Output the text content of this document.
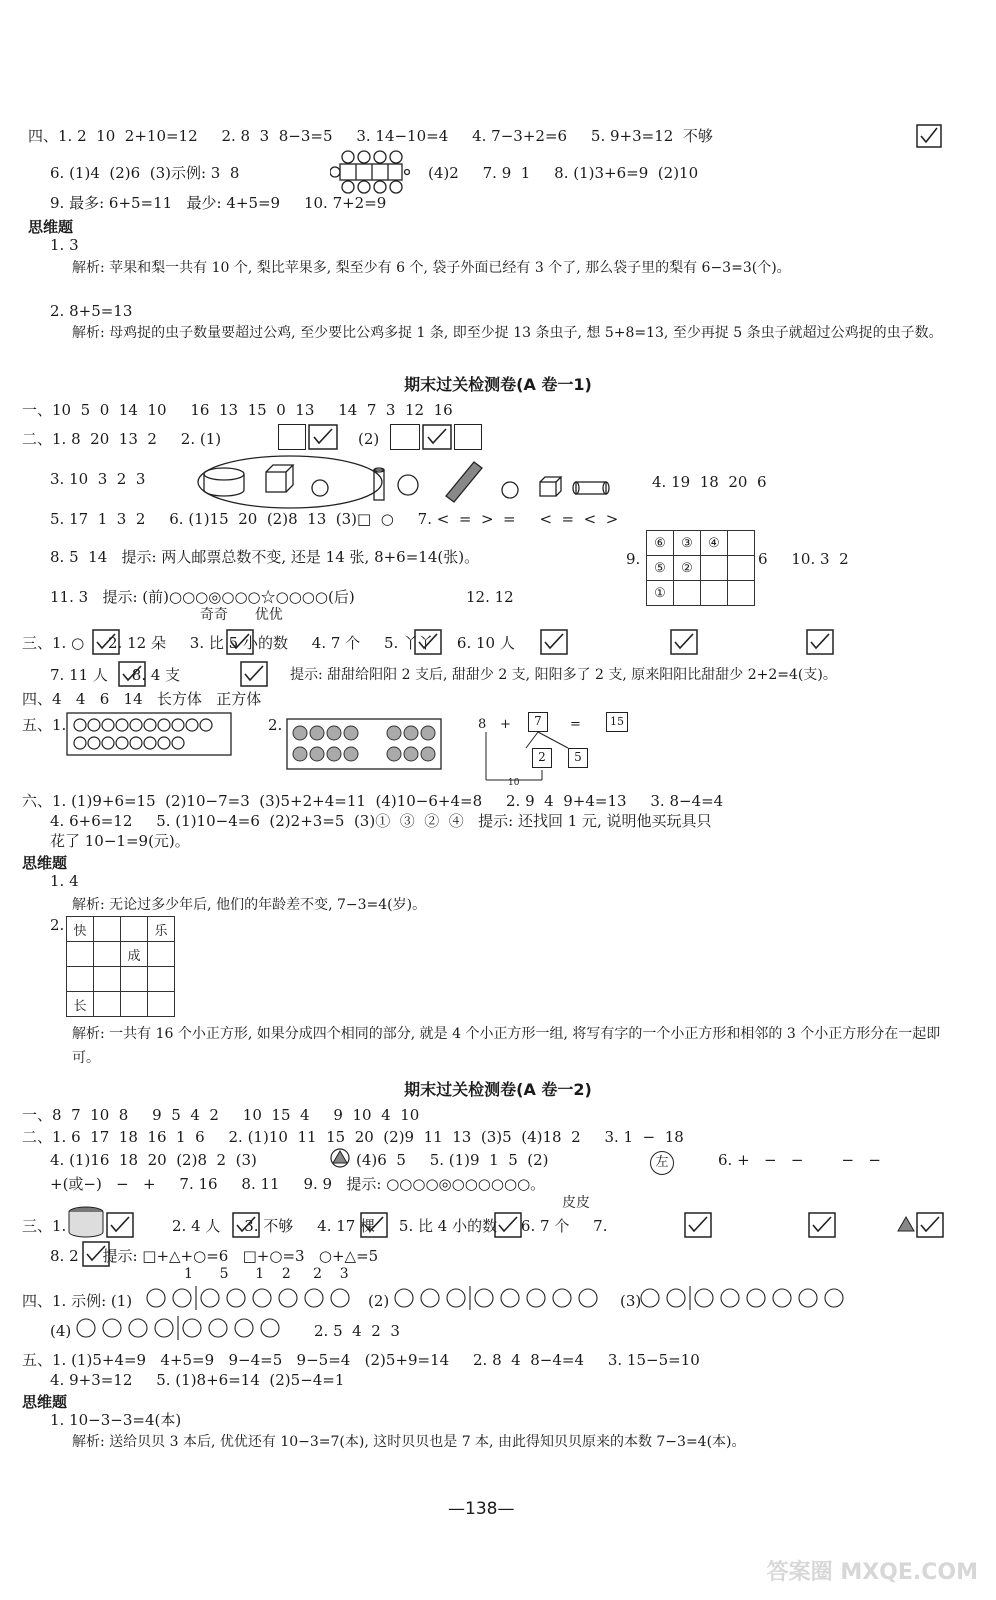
四、1. 2  10  2+10=12     2. 8  3  8−3=5     3. 14−10=4     4. 7−3+2=6     5. 9+3=12  不够
6. (1)4  (2)6  (3)示例: 3  8	(4)2     7. 9  1     8. (1)3+6=9  (2)10
9. 最多: 6+5=11   最少: 4+5=9     10. 7+2=9
思维题
1. 3
解析: 苹果和梨一共有 10 个, 梨比苹果多, 梨至少有 6 个, 袋子外面已经有 3 个了, 那么袋子里的梨有 6−3=3(个)。
2. 8+5=13
解析: 母鸡捉的虫子数量要超过公鸡, 至少要比公鸡多捉 1 条, 即至少捉 13 条虫子, 想 5+8=13, 至少再捉 5 条虫子就超过公鸡捉的虫子数。
期末过关检测卷(A 卷一1)
一、10  5  0  14  10     16  13  15  0  13     14  7  3  12  16
二、1. 8  20  13  2     2. (1)	(2)
3. 10  3  2  3	4. 19  18  20  6
5. 17  1  3  2     6. (1)15  20  (2)8  13  (3)□  ○     7. <  =  >  =     <  =  <  >
8. 5  14   提示: 两人邮票总数不变, 还是 14 张, 8+6=14(张)。	9.
⑥	③	④	
⑤	②		
①			
6     10. 3  2
11. 3   提示: (前)○○○◎○○○☆○○○○(后)	12. 12
奇奇      优优
三、1. ○     2. 12 朵     3. 比 5 小的数     4. 7 个     5. 丫丫     6. 10 人
7. 11 人     8. 4 支	提示: 甜甜给阳阳 2 支后, 甜甜少 2 支, 阳阳多了 2 支, 原来阳阳比甜甜少 2+2=4(支)。
四、4   4   6   14   长方体   正方体
五、1.	2.	8 +	7	=	15
2	5
10
六、1. (1)9+6=15  (2)10−7=3  (3)5+2+4=11  (4)10−6+4=8     2. 9  4  9+4=13     3. 8−4=4
4. 6+6=12     5. (1)10−4=6  (2)2+3=5  (3)①  ③  ②  ④   提示: 还找回 1 元, 说明他买玩具只
花了 10−1=9(元)。
思维题
1. 4
解析: 无论过多少年后, 他们的年龄差不变, 7−3=4(岁)。
2. 快			乐
		成	

长			
解析: 一共有 16 个小正方形, 如果分成四个相同的部分, 就是 4 个小正方形一组, 将写有字的一个小正方形和相邻的 3 个小正方形分在一起即可。
期末过关检测卷(A 卷一2)
一、8  7  10  8     9  5  4  2     10  15  4     9  10  4  10
二、1. 6  17  18  16  1  6     2. (1)10  11  15  20  (2)9  11  13  (3)5  (4)18  2     3. 1  −  18
4. (1)16  18  20  (2)8  2  (3)	(4)6  5     5. (1)9  1  5  (2)	左	6. +   −   −        −   −
+(或−)   −   +     7. 16     8. 11     9. 9   提示: ○○○○◎○○○○○○。
皮皮
三、1.	2. 4 人     3. 不够     4. 17 棵     5. 比 4 小的数     6. 7 个     7.
8. 2     提示: □+△+○=6   □+○=3   ○+△=5
1      5      1    2     2    3
四、1. 示例: (1)	(2)	(3)
(4)	2. 5  4  2  3
五、1. (1)5+4=9   4+5=9   9−4=5   9−5=4   (2)5+9=14     2. 8  4  8−4=4     3. 15−5=10
4. 9+3=12     5. (1)8+6=14  (2)5−4=1
思维题
1. 10−3−3=4(本)
解析: 送给贝贝 3 本后, 优优还有 10−3=7(本), 这时贝贝也是 7 本, 由此得知贝贝原来的本数 7−3=4(本)。
—138—
答案圈 MXQE.COM
